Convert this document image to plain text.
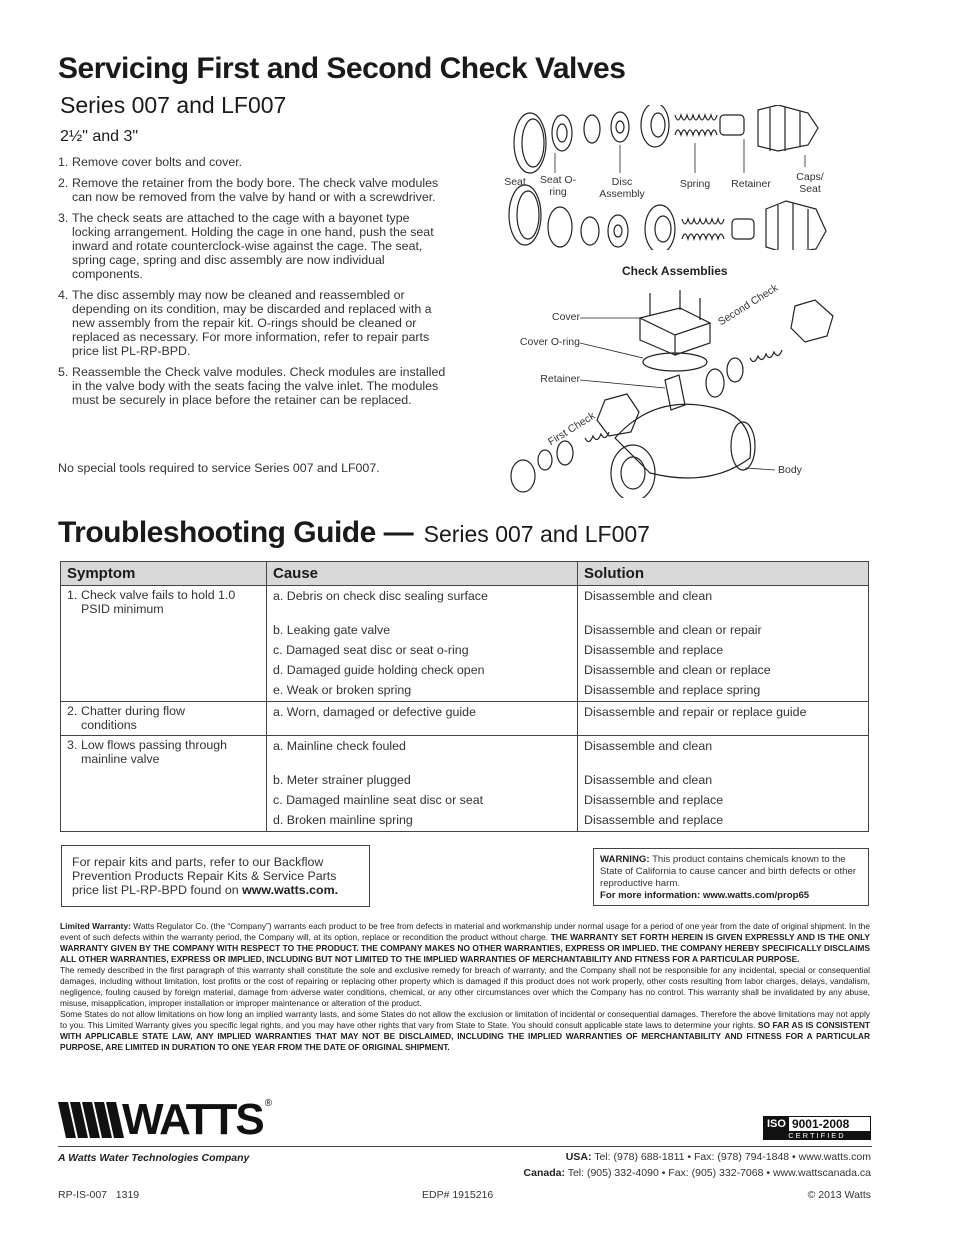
Servicing First and Second Check Valves
Series 007 and LF007
2½" and 3"
1. Remove cover bolts and cover.
2. Remove the retainer from the body bore. The check valve modules can now be removed from the valve by hand or with a screwdriver.
3. The check seats are attached to the cage with a bayonet type locking arrangement. Holding the cage in one hand, push the seat inward and rotate counterclock-wise against the cage. The seat, spring cage, spring and disc assembly are now individual components.
4. The disc assembly may now be cleaned and reassembled or depending on its condition, may be discarded and replaced with a new assembly from the repair kit. O-rings should be cleaned or replaced as necessary. For more information, refer to repair parts price list PL-RP-BPD.
5. Reassemble the Check valve modules. Check modules are installed in the valve body with the seats facing the valve inlet. The modules must be securely in place before the retainer can be replaced.
No special tools required to service Series 007 and LF007.
Seat	Seat O-ring
Disc Assembly
Spring	Retainer
Caps/ Seat
Check Assemblies
Cover
Cover O-ring
Retainer
Second Check
First Check
Body
Troubleshooting Guide — Series 007 and LF007
Symptom	Cause	Solution

1. Check valve fails to hold 1.0 PSID minimum	a. Debris on check disc sealing surface	Disassemble and clean

	b. Leaking gate valve	Disassemble and clean or repair

	c. Damaged seat disc or seat o-ring	Disassemble and replace

	d. Damaged guide holding check open	Disassemble and clean or replace

	e. Weak or broken spring	Disassemble and replace spring

2. Chatter during flow conditions	a. Worn, damaged or defective guide	Disassemble and repair or replace guide

3. Low flows passing through mainline valve	a. Mainline check fouled	Disassemble and clean

	b. Meter strainer plugged	Disassemble and clean

	c. Damaged mainline seat disc or seat	Disassemble and replace

	d. Broken mainline spring	Disassemble and replace
For repair kits and parts, refer to our Backflow Prevention Products Repair Kits & Service Parts price list PL-RP-BPD found on www.watts.com.
WARNING: This product contains chemicals known to the State of California to cause cancer and birth defects or other reproductive harm.
For more information: www.watts.com/prop65
Limited Warranty: Watts Regulator Co. (the “Company”) warrants each product to be free from defects in material and workmanship under normal usage for a period of one year from the date of original shipment. In the event of such defects within the warranty period, the Company will, at its option, replace or recondition the product without charge. THE WARRANTY SET FORTH HEREIN IS GIVEN EXPRESSLY AND IS THE ONLY WARRANTY GIVEN BY THE COMPANY WITH RESPECT TO THE PRODUCT. THE COMPANY MAKES NO OTHER WARRANTIES, EXPRESS OR IMPLIED. THE COMPANY HEREBY SPECIFICALLY DISCLAIMS ALL OTHER WARRANTIES, EXPRESS OR IMPLIED, INCLUDING BUT NOT LIMITED TO THE IMPLIED WARRANTIES OF MERCHANTABILITY AND FITNESS FOR A PARTICULAR PURPOSE.
The remedy described in the first paragraph of this warranty shall constitute the sole and exclusive remedy for breach of warranty, and the Company shall not be responsible for any incidental, special or consequential damages, including without limitation, lost profits or the cost of repairing or replacing other property which is damaged if this product does not work properly, other costs resulting from labor charges, delays, vandalism, negligence, fouling caused by foreign material, damage from adverse water conditions, chemical, or any other circumstances over which the Company has no control. This warranty shall be invalidated by any abuse, misuse, misapplication, improper installation or improper maintenance or alteration of the product.
Some States do not allow limitations on how long an implied warranty lasts, and some States do not allow the exclusion or limitation of incidental or consequential damages. Therefore the above limitations may not apply to you. This Limited Warranty gives you specific legal rights, and you may have other rights that vary from State to State. You should consult applicable state laws to determine your rights. SO FAR AS IS CONSISTENT WITH APPLICABLE STATE LAW, ANY IMPLIED WARRANTIES THAT MAY NOT BE DISCLAIMED, INCLUDING THE IMPLIED WARRANTIES OF MERCHANTABILITY AND FITNESS FOR A PARTICULAR PURPOSE, ARE LIMITED IN DURATION TO ONE YEAR FROM THE DATE OF ORIGINAL SHIPMENT.
WATTS ®
A Watts Water Technologies Company
ISO 9001-2008
CERTIFIED
USA: Tel: (978) 688-1811 • Fax: (978) 794-1848 • www.watts.com
Canada: Tel: (905) 332-4090 • Fax: (905) 332-7068 • www.wattscanada.ca
RP-IS-007   1319	EDP# 1915216	© 2013 Watts
